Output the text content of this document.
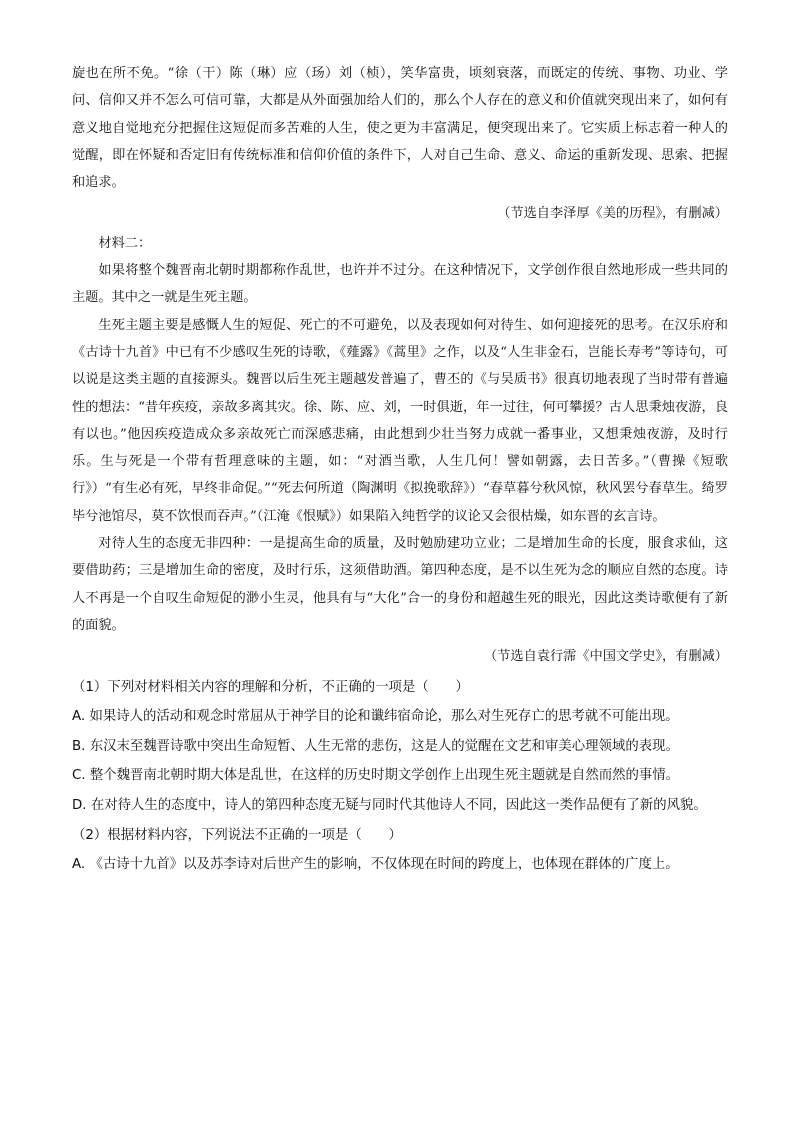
旋也在所不免。“徐（干）陈（琳）应（玚）刘（桢），笑华富贵，顷刻衰落，而既定的传统、事物、功业、学问、信仰又并不怎么可信可靠，大都是从外面强加给人们的，那么个人存在的意义和价值就突现出来了，如何有意义地自觉地充分把握住这短促而多苦难的人生，使之更为丰富满足，便突现出来了。它实质上标志着一种人的觉醒，即在怀疑和否定旧有传统标准和信仰价值的条件下，人对自己生命、意义、命运的重新发现、思索、把握和追求。

（节选自李泽厚《美的历程》，有删减）

材料二：

如果将整个魏晋南北朝时期都称作乱世，也许并不过分。在这种情况下，文学创作很自然地形成一些共同的主题。其中之一就是生死主题。

生死主题主要是感慨人生的短促、死亡的不可避免，以及表现如何对待生、如何迎接死的思考。在汉乐府和《古诗十九首》中已有不少感叹生死的诗歌，《薤露》《蒿里》之作，以及“人生非金石，岂能长寿考”等诗句，可以说是这类主题的直接源头。魏晋以后生死主题越发普遍了，曹丕的《与吴质书》很真切地表现了当时带有普遍性的想法：“昔年疾疫，亲故多离其灾。徐、陈、应、刘，一时俱逝，年一过往，何可攀援？古人思秉烛夜游，良有以也。”他因疾疫造成众多亲故死亡而深感悲痛，由此想到少壮当努力成就一番事业，又想秉烛夜游，及时行乐。生与死是一个带有哲理意味的主题，如：“对酒当歌，人生几何！譬如朝露，去日苦多。”（曹操《短歌行》）“有生必有死，早终非命促。”“死去何所道（陶渊明《拟挽歌辞》）“春草暮兮秋风惊，秋风罢兮春草生。绮罗毕兮池馆尽，莫不饮恨而吞声。”（江淹《恨赋》）如果陷入纯哲学的议论又会很枯燥，如东晋的玄言诗。

对待人生的态度无非四种：一是提高生命的质量，及时勉励建功立业；二是增加生命的长度，服食求仙，这要借助药；三是增加生命的密度，及时行乐，这须借助酒。第四种态度，是不以生死为念的顺应自然的态度。诗人不再是一个自叹生命短促的渺小生灵，他具有与“大化”合一的身份和超越生死的眼光，因此这类诗歌便有了新的面貌。

（节选自袁行霈《中国文学史》，有删减）

（1）下列对材料相关内容的理解和分析，不正确的一项是（　　）

A. 如果诗人的活动和观念时常屈从于神学目的论和谶纬宿命论，那么对生死存亡的思考就不可能出现。

B. 东汉末至魏晋诗歌中突出生命短暂、人生无常的悲伤，这是人的觉醒在文艺和审美心理领域的表现。

C. 整个魏晋南北朝时期大体是乱世，在这样的历史时期文学创作上出现生死主题就是自然而然的事情。

D. 在对待人生的态度中，诗人的第四种态度无疑与同时代其他诗人不同，因此这一类作品便有了新的风貌。

（2）根据材料内容，下列说法不正确的一项是（　　）

A. 《古诗十九首》以及苏李诗对后世产生的影响，不仅体现在时间的跨度上，也体现在群体的广度上。
